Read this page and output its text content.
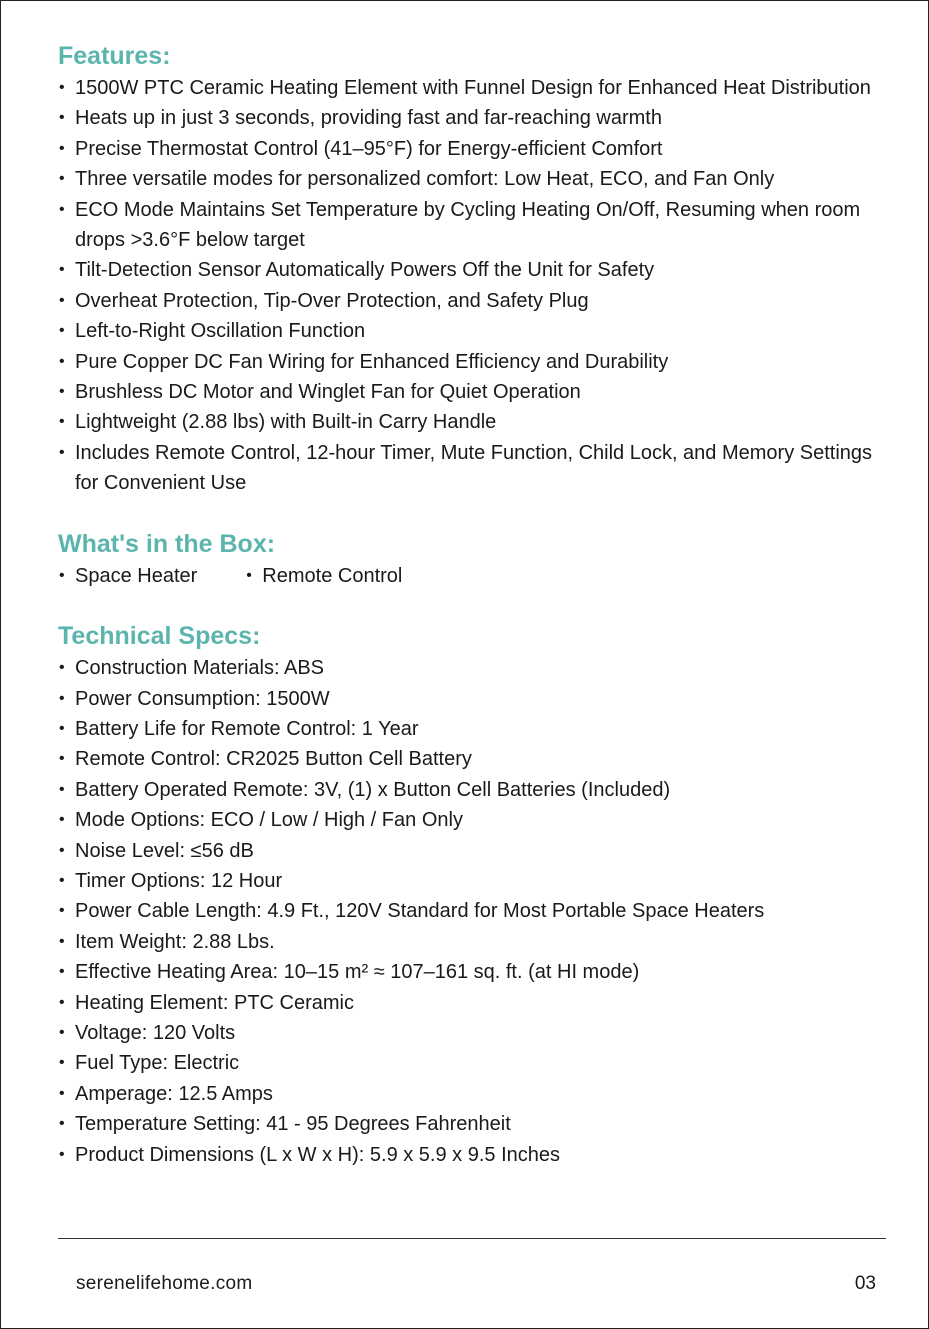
Features:
• 1500W PTC Ceramic Heating Element with Funnel Design for Enhanced Heat Distribution
• Heats up in just 3 seconds, providing fast and far-reaching warmth
• Precise Thermostat Control (41–95°F) for Energy-efficient Comfort
• Three versatile modes for personalized comfort: Low Heat, ECO, and Fan Only
• ECO Mode Maintains Set Temperature by Cycling Heating On/Off, Resuming when room drops >3.6°F below target
• Tilt-Detection Sensor Automatically Powers Off the Unit for Safety
• Overheat Protection, Tip-Over Protection, and Safety Plug
• Left-to-Right Oscillation Function
• Pure Copper DC Fan Wiring for Enhanced Efficiency and Durability
• Brushless DC Motor and Winglet Fan for Quiet Operation
• Lightweight (2.88 lbs) with Built-in Carry Handle
• Includes Remote Control, 12-hour Timer, Mute Function, Child Lock, and Memory Settings for Convenient Use
What's in the Box:
• Space Heater	• Remote Control
Technical Specs:
• Construction Materials: ABS
• Power Consumption: 1500W
• Battery Life for Remote Control: 1 Year
• Remote Control: CR2025 Button Cell Battery
• Battery Operated Remote: 3V, (1) x Button Cell Batteries (Included)
• Mode Options: ECO / Low / High / Fan Only
• Noise Level: ≤56 dB
• Timer Options: 12 Hour
• Power Cable Length: 4.9 Ft., 120V Standard for Most Portable Space Heaters
• Item Weight: 2.88 Lbs.
• Effective Heating Area: 10–15 m² ≈ 107–161 sq. ft. (at HI mode)
• Heating Element: PTC Ceramic
• Voltage: 120 Volts
• Fuel Type: Electric
• Amperage: 12.5 Amps
• Temperature Setting: 41 - 95 Degrees Fahrenheit
• Product Dimensions (L x W x H): 5.9 x 5.9 x 9.5 Inches
serenelifehome.com	03
